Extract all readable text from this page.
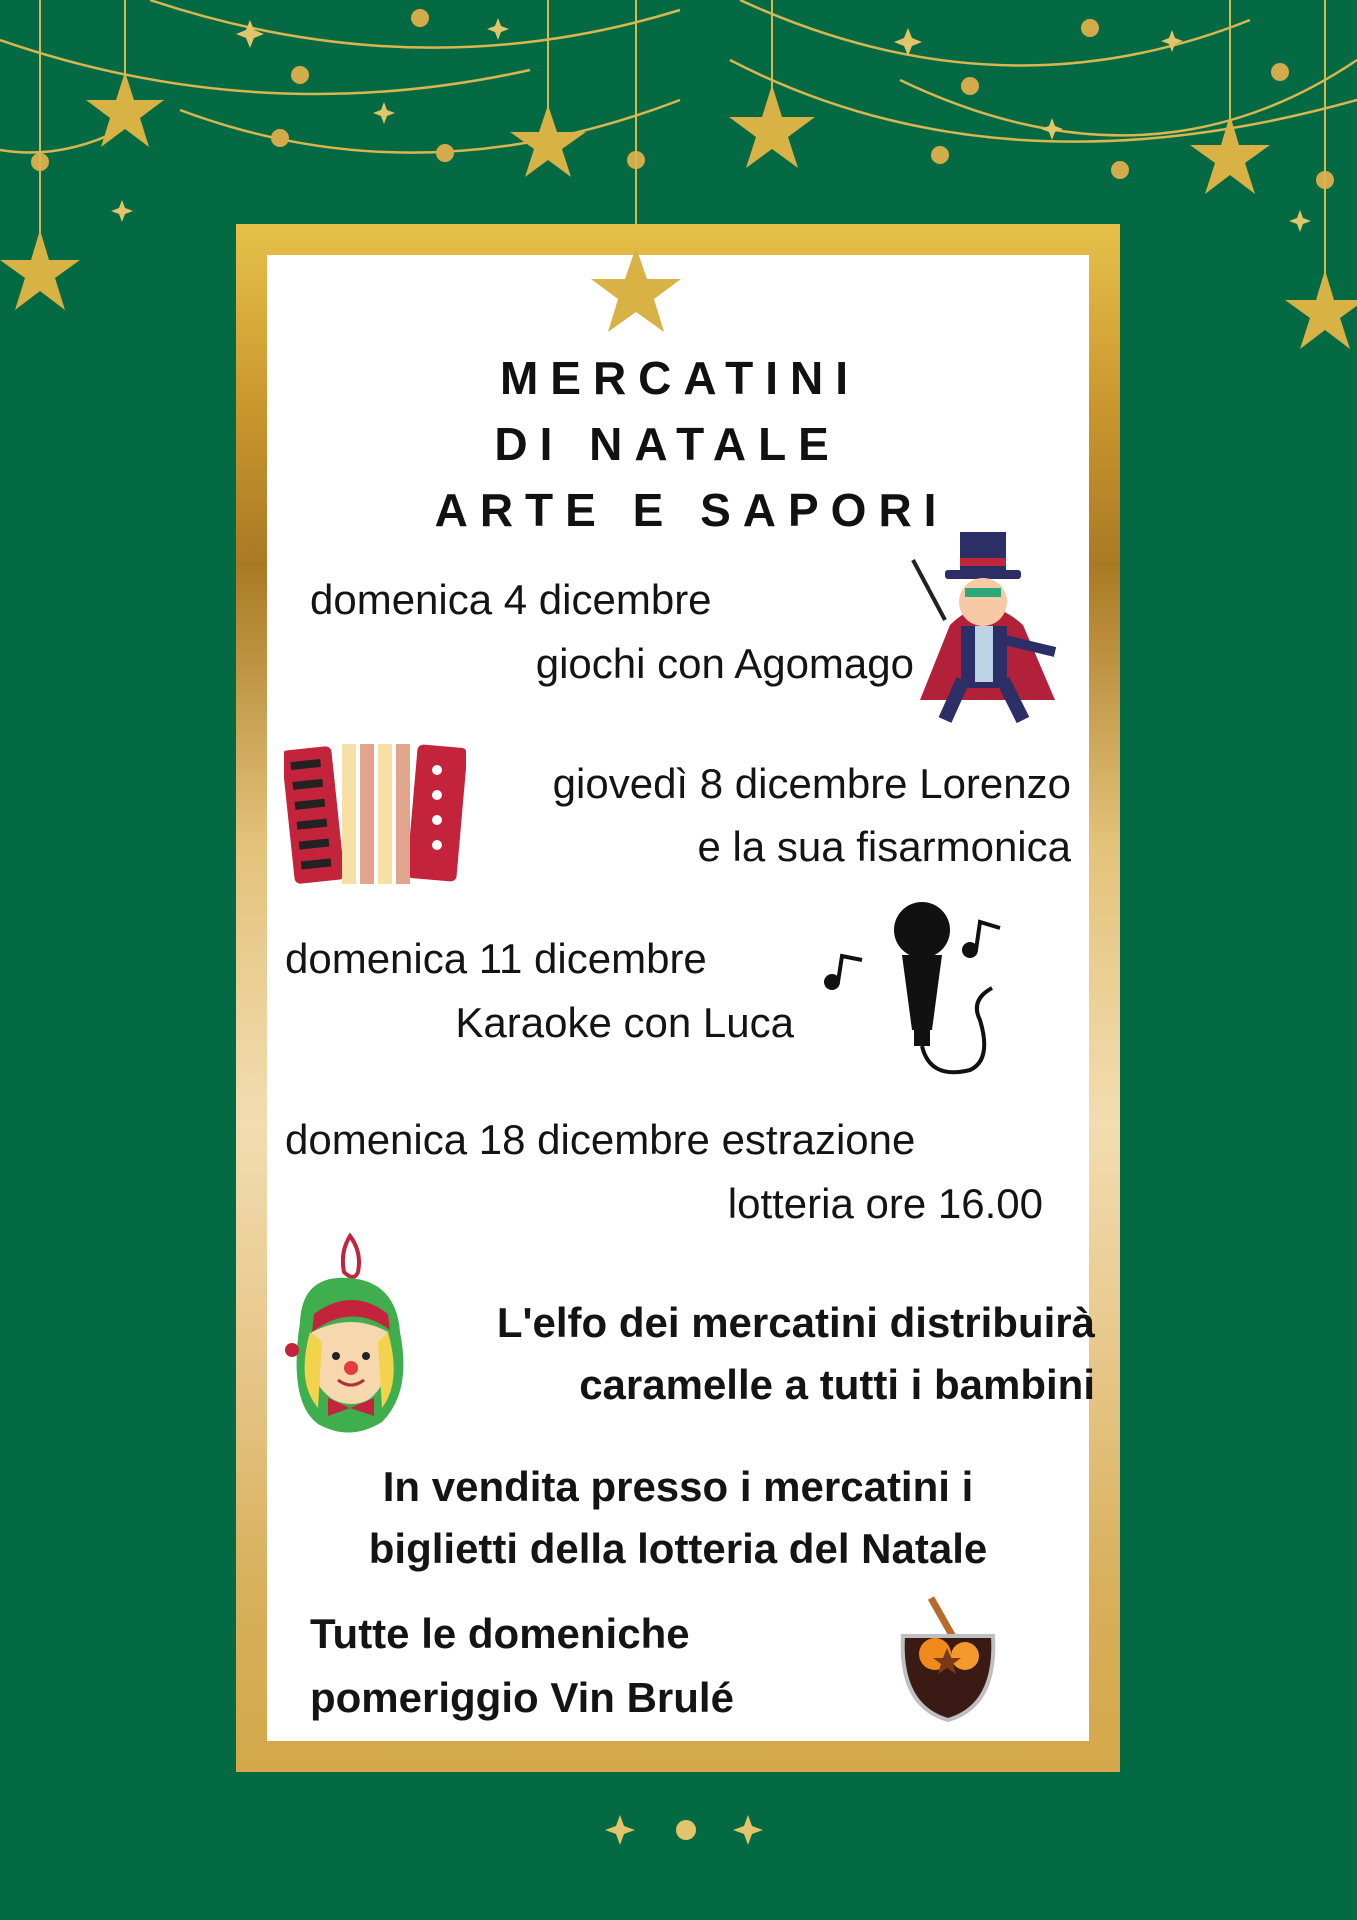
MERCATINI
DI NATALE
ARTE E SAPORI
domenica 4 dicembre
giochi con Agomago
giovedì 8 dicembre Lorenzo
e la sua fisarmonica
domenica 11 dicembre
Karaoke con Luca
domenica 18 dicembre estrazione
lotteria ore 16.00
L'elfo dei mercatini distribuirà
caramelle a tutti i bambini
In vendita presso i mercatini i
biglietti della lotteria del Natale
Tutte le domeniche
pomeriggio Vin Brulé
